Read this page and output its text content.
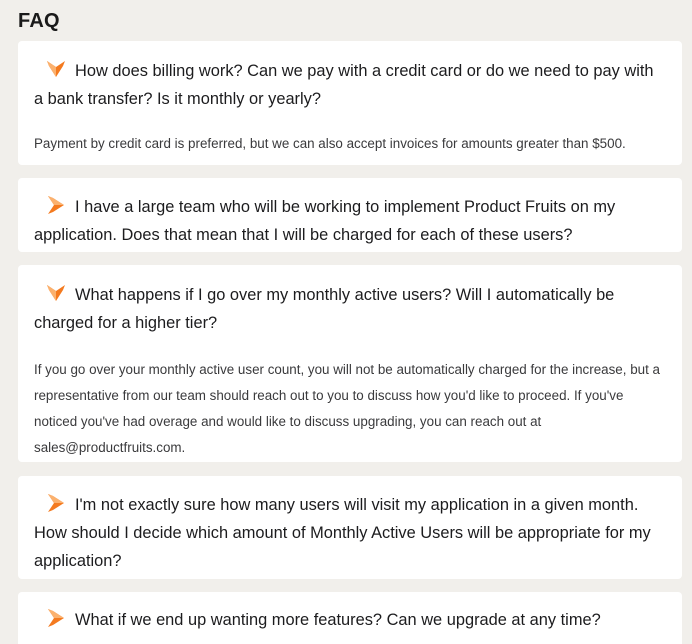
FAQ

How does billing work? Can we pay with a credit card or do we need to pay with a bank transfer? Is it monthly or yearly?

Payment by credit card is preferred, but we can also accept invoices for amounts greater than $500.

I have a large team who will be working to implement Product Fruits on my application. Does that mean that I will be charged for each of these users?

What happens if I go over my monthly active users? Will I automatically be charged for a higher tier?

If you go over your monthly active user count, you will not be automatically charged for the increase, but a representative from our team should reach out to you to discuss how you'd like to proceed. If you've noticed you've had overage and would like to discuss upgrading, you can reach out at sales@productfruits.com.

I'm not exactly sure how many users will visit my application in a given month. How should I decide which amount of Monthly Active Users will be appropriate for my application?

What if we end up wanting more features? Can we upgrade at any time?
